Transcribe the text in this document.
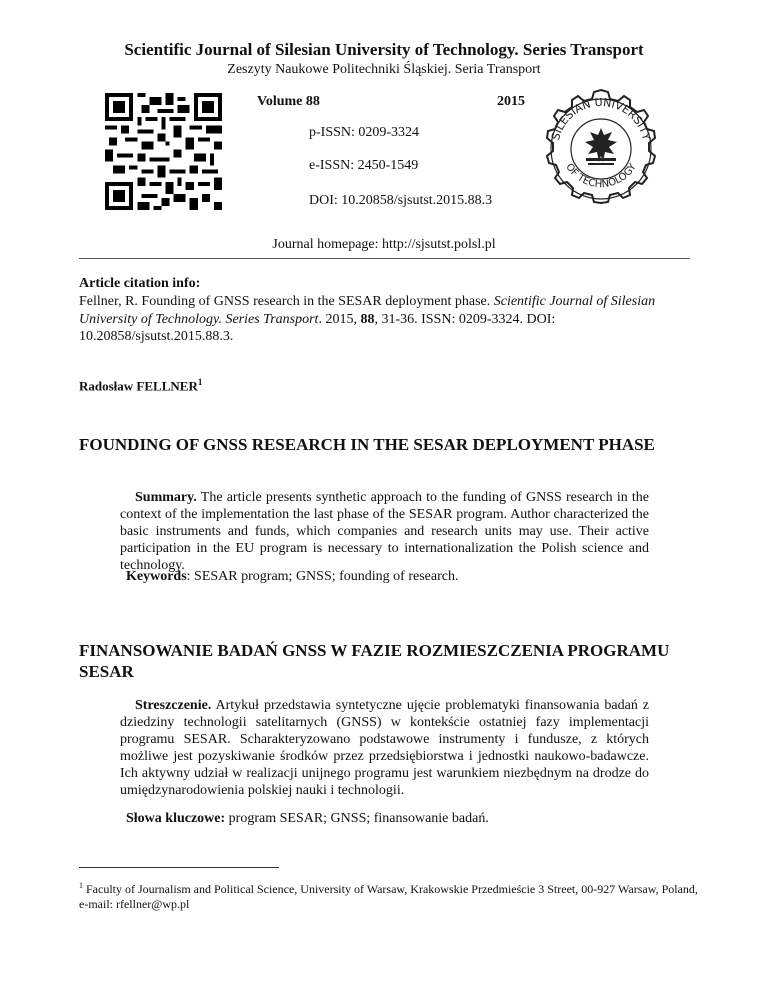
Scientific Journal of Silesian University of Technology. Series Transport
Zeszyty Naukowe Politechniki Śląskiej. Seria Transport
Volume 88	2015
p-ISSN: 0209-3324
e-ISSN: 2450-1549
DOI: 10.20858/sjsutst.2015.88.3
SILESIAN UNIVERSITY
OF TECHNOLOGY
Journal homepage: http://sjsutst.polsl.pl
Article citation info:
Fellner, R. Founding of GNSS research in the SESAR deployment phase. Scientific Journal of Silesian University of Technology. Series Transport. 2015, 88, 31-36. ISSN: 0209-3324. DOI: 10.20858/sjsutst.2015.88.3.
Radosław FELLNER$^1$
FOUNDING OF GNSS RESEARCH IN THE SESAR DEPLOYMENT PHASE
Summary. The article presents synthetic approach to the funding of GNSS research in the context of the implementation the last phase of the SESAR program. Author characterized the basic instruments and funds, which companies and research units may use. Their active participation in the EU program is necessary to internationalization the Polish science and technology.
Keywords: SESAR program; GNSS; founding of research.
FINANSOWANIE BADAŃ GNSS W FAZIE ROZMIESZCZENIA PROGRAMU SESAR
Streszczenie. Artykuł przedstawia syntetyczne ujęcie problematyki finansowania badań z dziedziny technologii satelitarnych (GNSS) w kontekście ostatniej fazy implementacji programu SESAR. Scharakteryzowano podstawowe instrumenty i fundusze, z których możliwe jest pozyskiwanie środków przez przedsiębiorstwa i jednostki naukowo-badawcze. Ich aktywny udział w realizacji unijnego programu jest warunkiem niezbędnym na drodze do umiędzynarodowienia polskiej nauki i technologii.
Słowa kluczowe: program SESAR; GNSS; finansowanie badań.
$^1$ Faculty of Journalism and Political Science, University of Warsaw, Krakowskie Przedmieście 3 Street, 00-927 Warsaw, Poland, e-mail: rfellner@wp.pl
